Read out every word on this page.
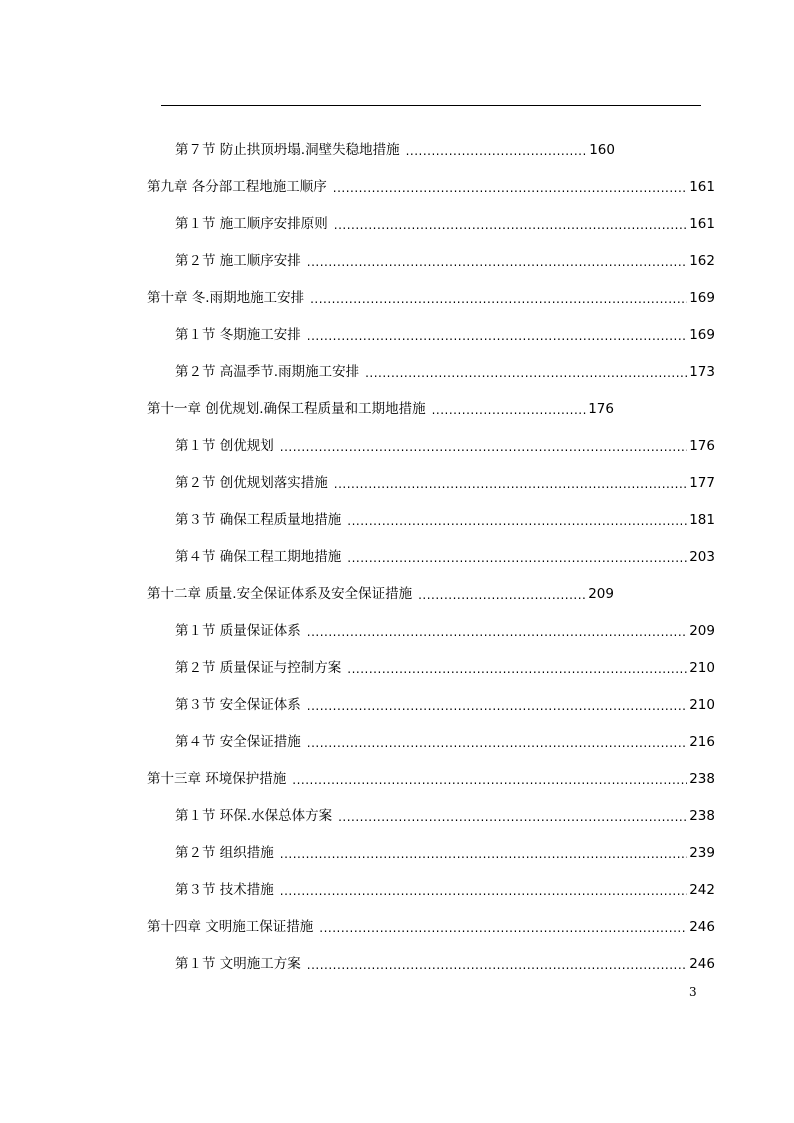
第７节 防止拱顶坍塌.洞壁失稳地措施 .....	160
第九章 各分部工程地施工顺序 .....	161
第１节 施工顺序安排原则 .....	161
第２节 施工顺序安排 .....	162
第十章 冬.雨期地施工安排 .....	169
第１节 冬期施工安排 .....	169
第２节 高温季节.雨期施工安排 .....	173
第十一章 创优规划.确保工程质量和工期地措施 .....	176
第１节 创优规划 .....	176
第２节 创优规划落实措施 .....	177
第３节 确保工程质量地措施 .....	181
第４节 确保工程工期地措施 .....	203
第十二章 质量.安全保证体系及安全保证措施 .....	209
第１节 质量保证体系 .....	209
第２节 质量保证与控制方案 .....	210
第３节 安全保证体系 .....	210
第４节 安全保证措施 .....	216
第十三章 环境保护措施 .....	238
第１节 环保.水保总体方案 .....	238
第２节 组织措施 .....	239
第３节 技术措施 .....	242
第十四章 文明施工保证措施 .....	246
第１节 文明施工方案 .....	246
3
